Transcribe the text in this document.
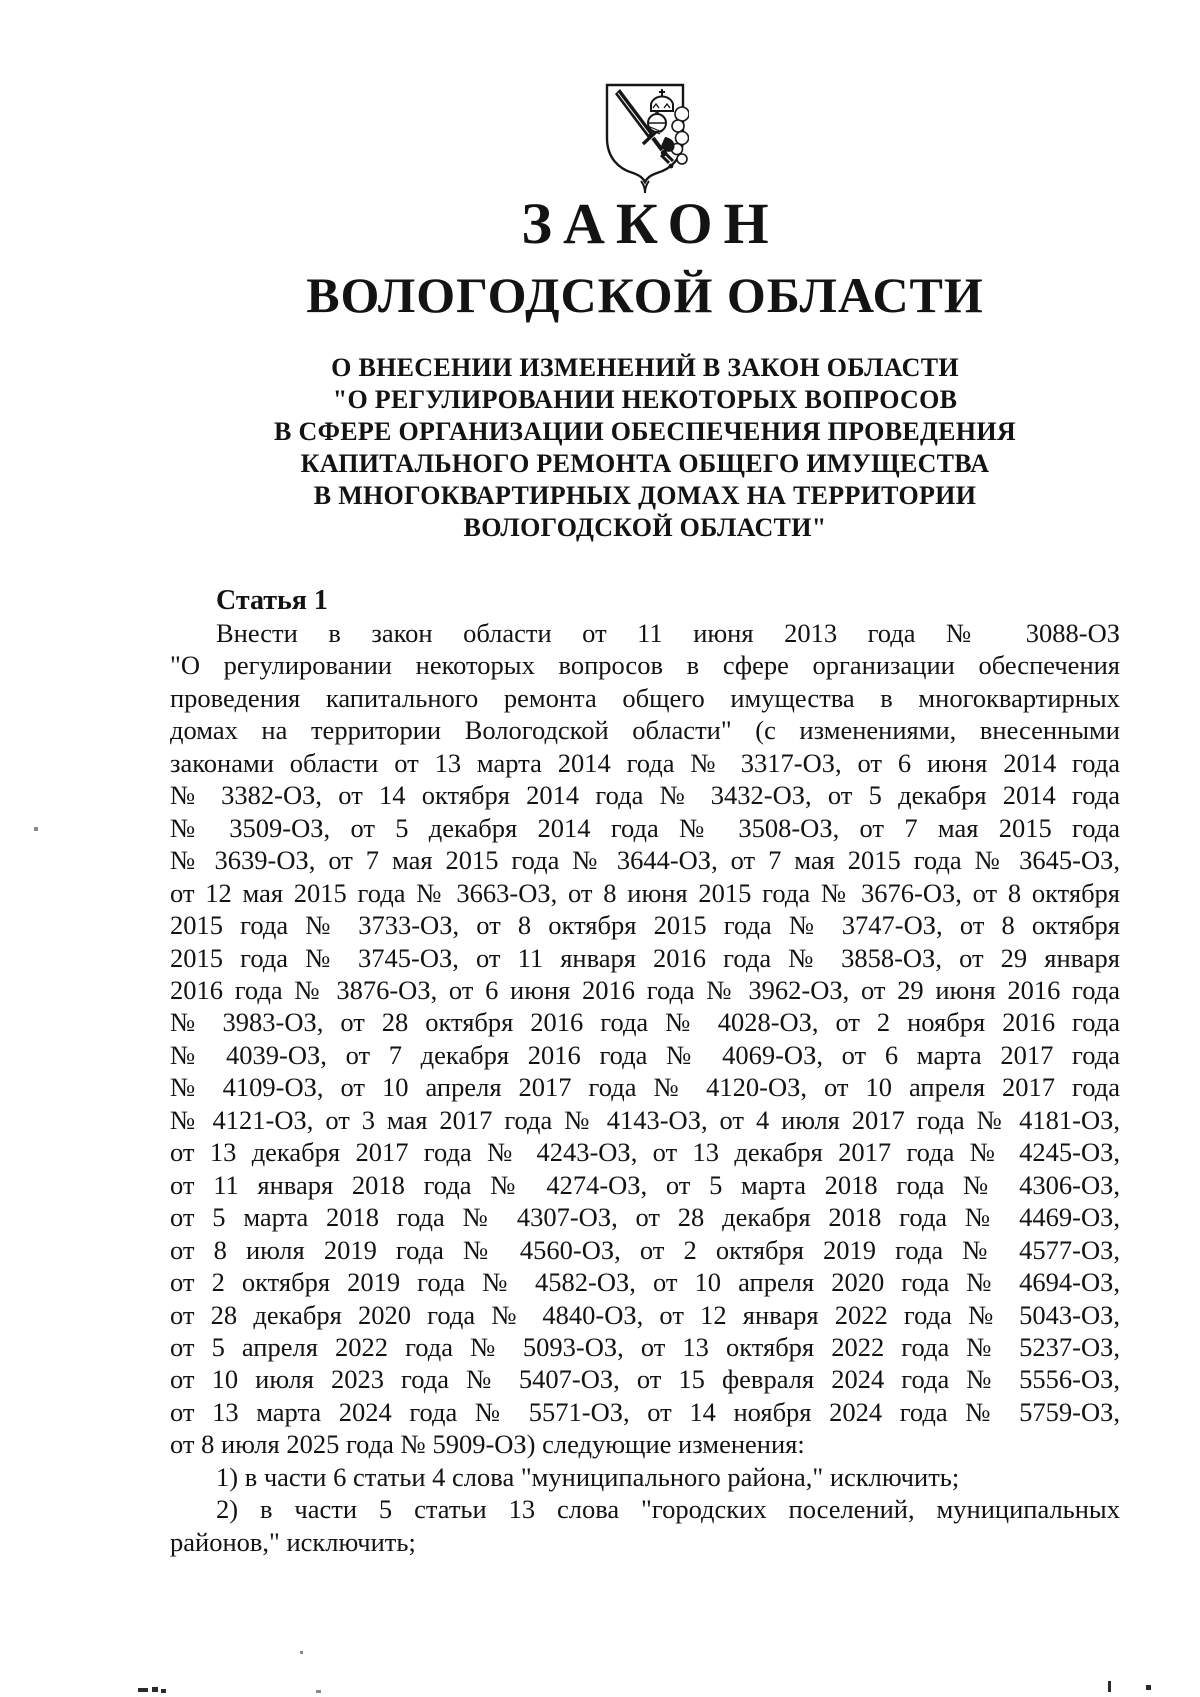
ЗАКОН
ВОЛОГОДСКОЙ ОБЛАСТИ
О ВНЕСЕНИИ ИЗМЕНЕНИЙ В ЗАКОН ОБЛАСТИ
"О РЕГУЛИРОВАНИИ НЕКОТОРЫХ ВОПРОСОВ
В СФЕРЕ ОРГАНИЗАЦИИ ОБЕСПЕЧЕНИЯ ПРОВЕДЕНИЯ
КАПИТАЛЬНОГО РЕМОНТА ОБЩЕГО ИМУЩЕСТВА
В МНОГОКВАРТИРНЫХ ДОМАХ НА ТЕРРИТОРИИ
ВОЛОГОДСКОЙ ОБЛАСТИ"
Статья 1
Внести в закон области от 11 июня 2013 года № 3088-ОЗ
"О регулировании некоторых вопросов в сфере организации обеспечения
проведения капитального ремонта общего имущества в многоквартирных
домах на территории Вологодской области" (с изменениями, внесенными
законами области от 13 марта 2014 года № 3317-ОЗ, от 6 июня 2014 года
№ 3382-ОЗ, от 14 октября 2014 года № 3432-ОЗ, от 5 декабря 2014 года
№ 3509-ОЗ, от 5 декабря 2014 года № 3508-ОЗ, от 7 мая 2015 года
№ 3639-ОЗ, от 7 мая 2015 года № 3644-ОЗ, от 7 мая 2015 года № 3645-ОЗ,
от 12 мая 2015 года № 3663-ОЗ, от 8 июня 2015 года № 3676-ОЗ, от 8 октября
2015 года № 3733-ОЗ, от 8 октября 2015 года № 3747-ОЗ, от 8 октября
2015 года № 3745-ОЗ, от 11 января 2016 года № 3858-ОЗ, от 29 января
2016 года № 3876-ОЗ, от 6 июня 2016 года № 3962-ОЗ, от 29 июня 2016 года
№ 3983-ОЗ, от 28 октября 2016 года № 4028-ОЗ, от 2 ноября 2016 года
№ 4039-ОЗ, от 7 декабря 2016 года № 4069-ОЗ, от 6 марта 2017 года
№ 4109-ОЗ, от 10 апреля 2017 года № 4120-ОЗ, от 10 апреля 2017 года
№ 4121-ОЗ, от 3 мая 2017 года № 4143-ОЗ, от 4 июля 2017 года № 4181-ОЗ,
от 13 декабря 2017 года № 4243-ОЗ, от 13 декабря 2017 года № 4245-ОЗ,
от 11 января 2018 года № 4274-ОЗ, от 5 марта 2018 года № 4306-ОЗ,
от 5 марта 2018 года № 4307-ОЗ, от 28 декабря 2018 года № 4469-ОЗ,
от 8 июля 2019 года № 4560-ОЗ, от 2 октября 2019 года № 4577-ОЗ,
от 2 октября 2019 года № 4582-ОЗ, от 10 апреля 2020 года № 4694-ОЗ,
от 28 декабря 2020 года № 4840-ОЗ, от 12 января 2022 года № 5043-ОЗ,
от 5 апреля 2022 года № 5093-ОЗ, от 13 октября 2022 года № 5237-ОЗ,
от 10 июля 2023 года № 5407-ОЗ, от 15 февраля 2024 года № 5556-ОЗ,
от 13 марта 2024 года № 5571-ОЗ, от 14 ноября 2024 года № 5759-ОЗ,
от 8 июля 2025 года № 5909-ОЗ) следующие изменения:
1) в части 6 статьи 4 слова "муниципального района," исключить;
2) в части 5 статьи 13 слова "городских поселений, муниципальных
районов," исключить;
